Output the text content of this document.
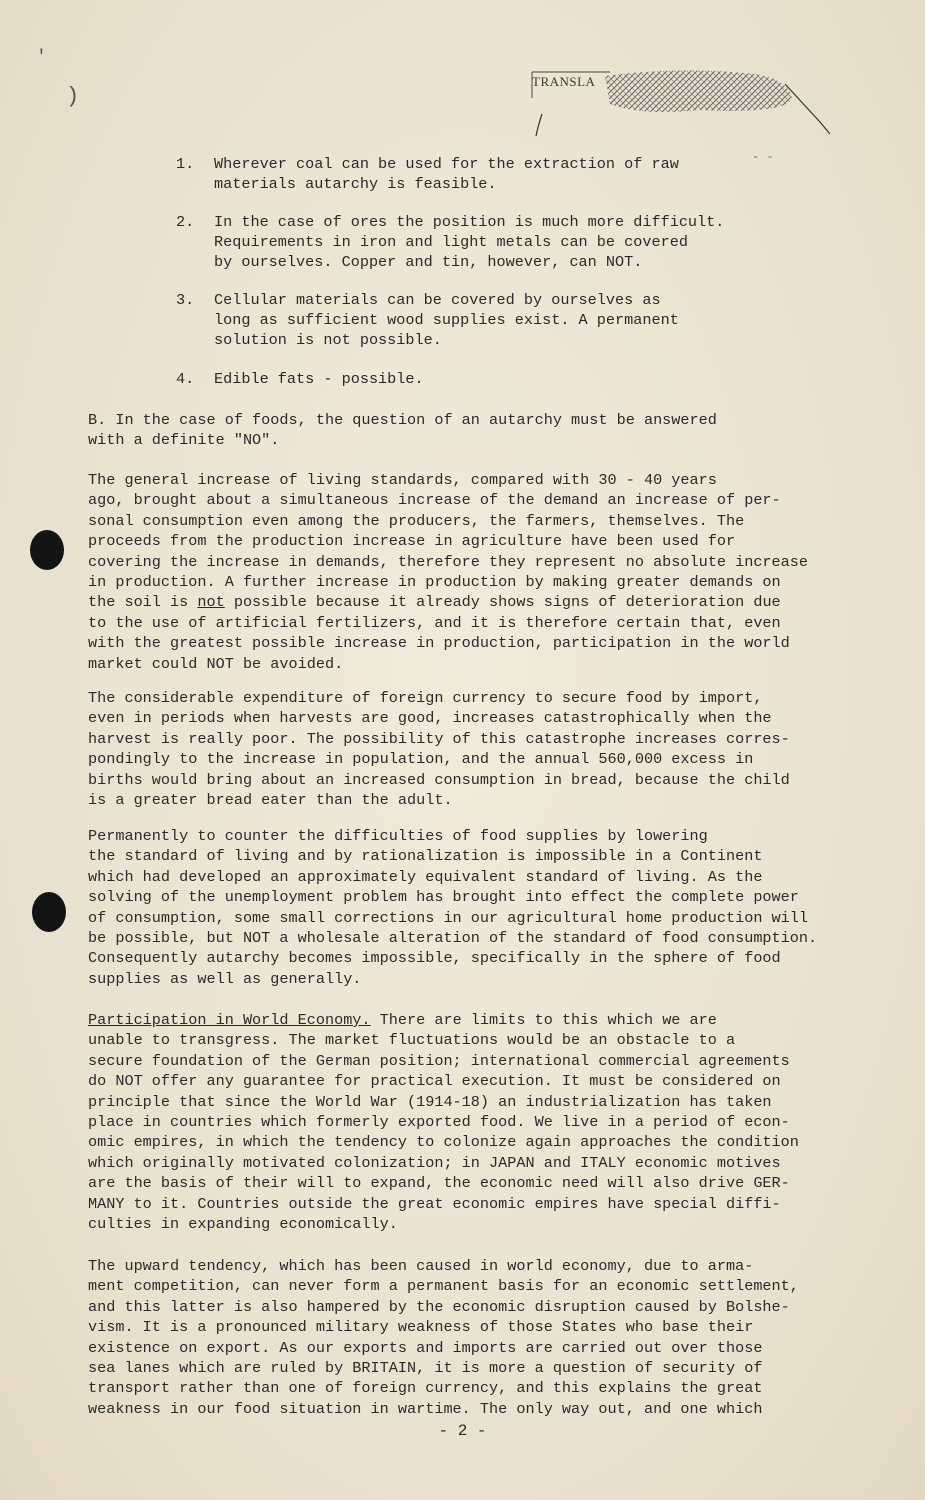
'
)
TRANSLA
- -
1. Wherever coal can be used for the extraction of raw
materials autarchy is feasible.
2. In the case of ores the position is much more difficult.
Requirements in iron and light metals can be covered
by ourselves. Copper and tin, however, can NOT.
3. Cellular materials can be covered by ourselves as
long as sufficient wood supplies exist. A permanent
solution is not possible.
4. Edible fats - possible.
B. In the case of foods, the question of an autarchy must be answered
with a definite "NO".
The general increase of living standards, compared with 30 - 40 years
ago, brought about a simultaneous increase of the demand an increase of per-
sonal consumption even among the producers, the farmers, themselves. The
proceeds from the production increase in agriculture have been used for
covering the increase in demands, therefore they represent no absolute increase
in production. A further increase in production by making greater demands on
the soil is not possible because it already shows signs of deterioration due
to the use of artificial fertilizers, and it is therefore certain that, even
with the greatest possible increase in production, participation in the world
market could NOT be avoided.
The considerable expenditure of foreign currency to secure food by import,
even in periods when harvests are good, increases catastrophically when the
harvest is really poor. The possibility of this catastrophe increases corres-
pondingly to the increase in population, and the annual 560,000 excess in
births would bring about an increased consumption in bread, because the child
is a greater bread eater than the adult.
Permanently to counter the difficulties of food supplies by lowering
the standard of living and by rationalization is impossible in a Continent
which had developed an approximately equivalent standard of living. As the
solving of the unemployment problem has brought into effect the complete power
of consumption, some small corrections in our agricultural home production will
be possible, but NOT a wholesale alteration of the standard of food consumption.
Consequently autarchy becomes impossible, specifically in the sphere of food
supplies as well as generally.
Participation in World Economy. There are limits to this which we are
unable to transgress. The market fluctuations would be an obstacle to a
secure foundation of the German position; international commercial agreements
do NOT offer any guarantee for practical execution. It must be considered on
principle that since the World War (1914-18) an industrialization has taken
place in countries which formerly exported food. We live in a period of econ-
omic empires, in which the tendency to colonize again approaches the condition
which originally motivated colonization; in JAPAN and ITALY economic motives
are the basis of their will to expand, the economic need will also drive GER-
MANY to it. Countries outside the great economic empires have special diffi-
culties in expanding economically.
The upward tendency, which has been caused in world economy, due to arma-
ment competition, can never form a permanent basis for an economic settlement,
and this latter is also hampered by the economic disruption caused by Bolshe-
vism. It is a pronounced military weakness of those States who base their
existence on export. As our exports and imports are carried out over those
sea lanes which are ruled by BRITAIN, it is more a question of security of
transport rather than one of foreign currency, and this explains the great
weakness in our food situation in wartime. The only way out, and one which
- 2 -
